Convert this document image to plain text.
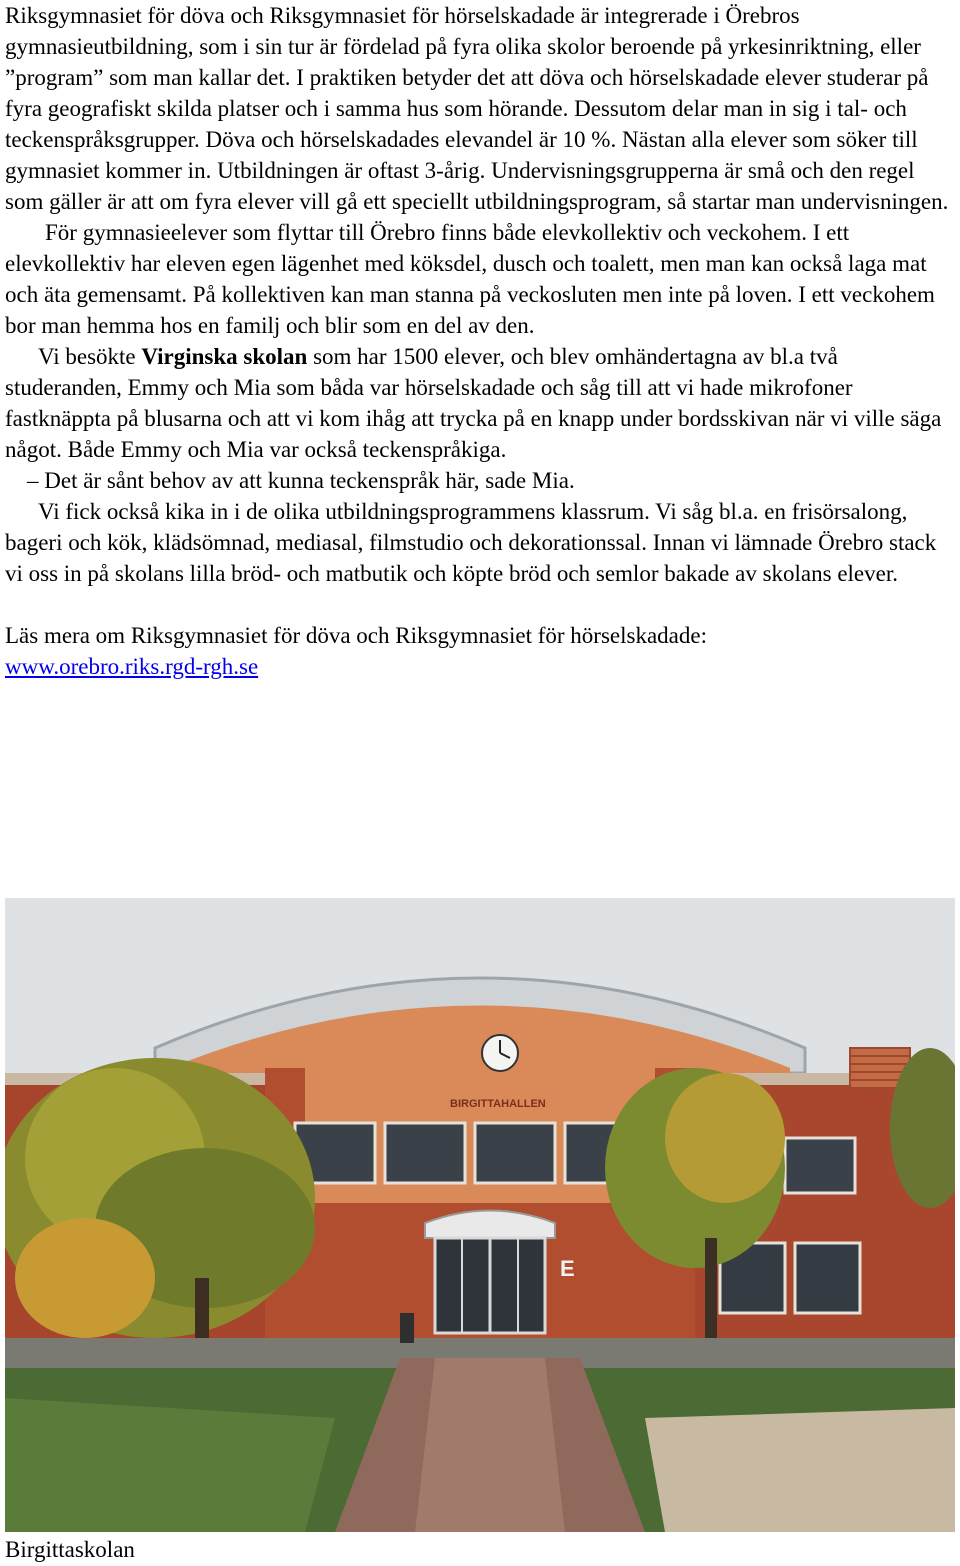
Riksgymnasiet för döva och Riksgymnasiet för hörselskadade är integrerade i Örebros gymnasieutbildning, som i sin tur är fördelad på fyra olika skolor beroende på yrkesinriktning, eller ”program” som man kallar det. I praktiken betyder det att döva och hörselskadade elever studerar på fyra geografiskt skilda platser och i samma hus som hörande. Dessutom delar man in sig i tal- och teckenspråksgrupper. Döva och hörselskadades elevandel är 10 %. Nästan alla elever som söker till gymnasiet kommer in. Utbildningen är oftast 3-årig. Undervisningsgrupperna är små och den regel som gäller är att om fyra elever vill gå ett speciellt utbildningsprogram, så startar man undervisningen.

För gymnasieelever som flyttar till Örebro finns både elevkollektiv och veckohem. I ett elevkollektiv har eleven egen lägenhet med köksdel, dusch och toalett, men man kan också laga mat och äta gemensamt. På kollektiven kan man stanna på veckosluten men inte på loven. I ett veckohem bor man hemma hos en familj och blir som en del av den.

Vi besökte Virginska skolan som har 1500 elever, och blev omhändertagna av bl.a två studeranden, Emmy och Mia som båda var hörselskadade och såg till att vi hade mikrofoner fastknäppta på blusarna och att vi kom ihåg att trycka på en knapp under bordsskivan när vi ville säga något. Både Emmy och Mia var också teckenspråkiga.

– Det är sånt behov av att kunna teckenspråk här, sade Mia.

Vi fick också kika in i de olika utbildningsprogrammens klassrum. Vi såg bl.a. en frisörsalong, bageri och kök, klädsömnad, mediasal, filmstudio och dekorationssal. Innan vi lämnade Örebro stack vi oss in på skolans lilla bröd- och matbutik och köpte bröd och semlor bakade av skolans elever.

Läs mera om Riksgymnasiet för döva och Riksgymnasiet för hörselskadade:

www.orebro.riks.rgd-rgh.se

BIRGITTAHALLEN
E
Birgittaskolan
